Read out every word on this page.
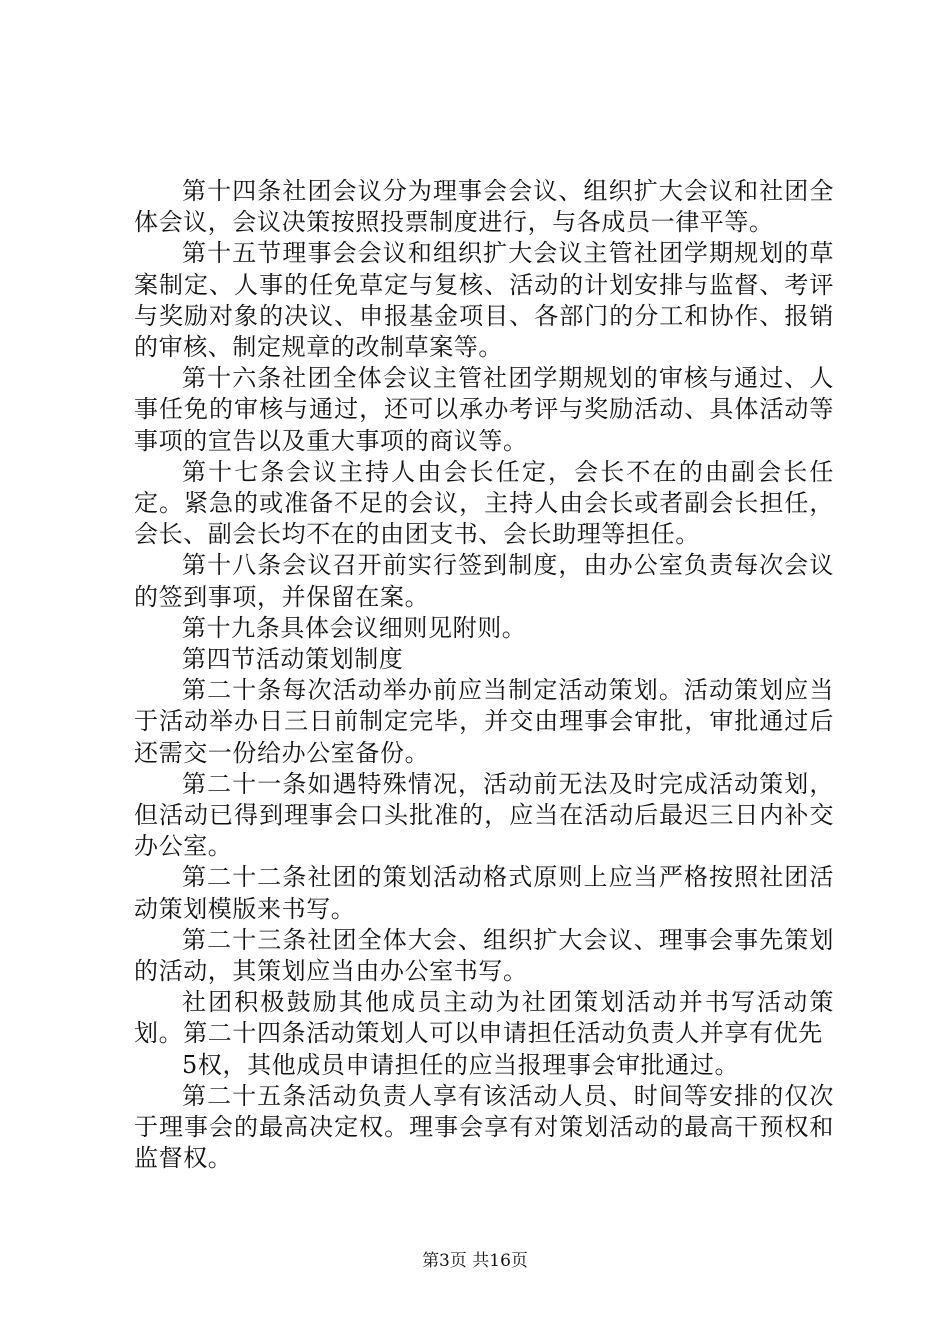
第十四条社团会议分为理事会会议、组织扩大会议和社团全体会议，会议决策按照投票制度进行，与各成员一律平等。

第十五节理事会会议和组织扩大会议主管社团学期规划的草案制定、人事的任免草定与复核、活动的计划安排与监督、考评与奖励对象的决议、申报基金项目、各部门的分工和协作、报销的审核、制定规章的改制草案等。

第十六条社团全体会议主管社团学期规划的审核与通过、人事任免的审核与通过，还可以承办考评与奖励活动、具体活动等事项的宣告以及重大事项的商议等。

第十七条会议主持人由会长任定，会长不在的由副会长任定。紧急的或准备不足的会议，主持人由会长或者副会长担任，会长、副会长均不在的由团支书、会长助理等担任。

第十八条会议召开前实行签到制度，由办公室负责每次会议的签到事项，并保留在案。

第十九条具体会议细则见附则。

第四节活动策划制度

第二十条每次活动举办前应当制定活动策划。活动策划应当于活动举办日三日前制定完毕，并交由理事会审批，审批通过后还需交一份给办公室备份。

第二十一条如遇特殊情况，活动前无法及时完成活动策划，但活动已得到理事会口头批准的，应当在活动后最迟三日内补交办公室。

第二十二条社团的策划活动格式原则上应当严格按照社团活动策划模版来书写。

第二十三条社团全体大会、组织扩大会议、理事会事先策划的活动，其策划应当由办公室书写。

社团积极鼓励其他成员主动为社团策划活动并书写活动策划。第二十四条活动策划人可以申请担任活动负责人并享有优先

5权，其他成员申请担任的应当报理事会审批通过。

第二十五条活动负责人享有该活动人员、时间等安排的仅次于理事会的最高决定权。理事会享有对策划活动的最高干预权和监督权。

第3页 共16页
